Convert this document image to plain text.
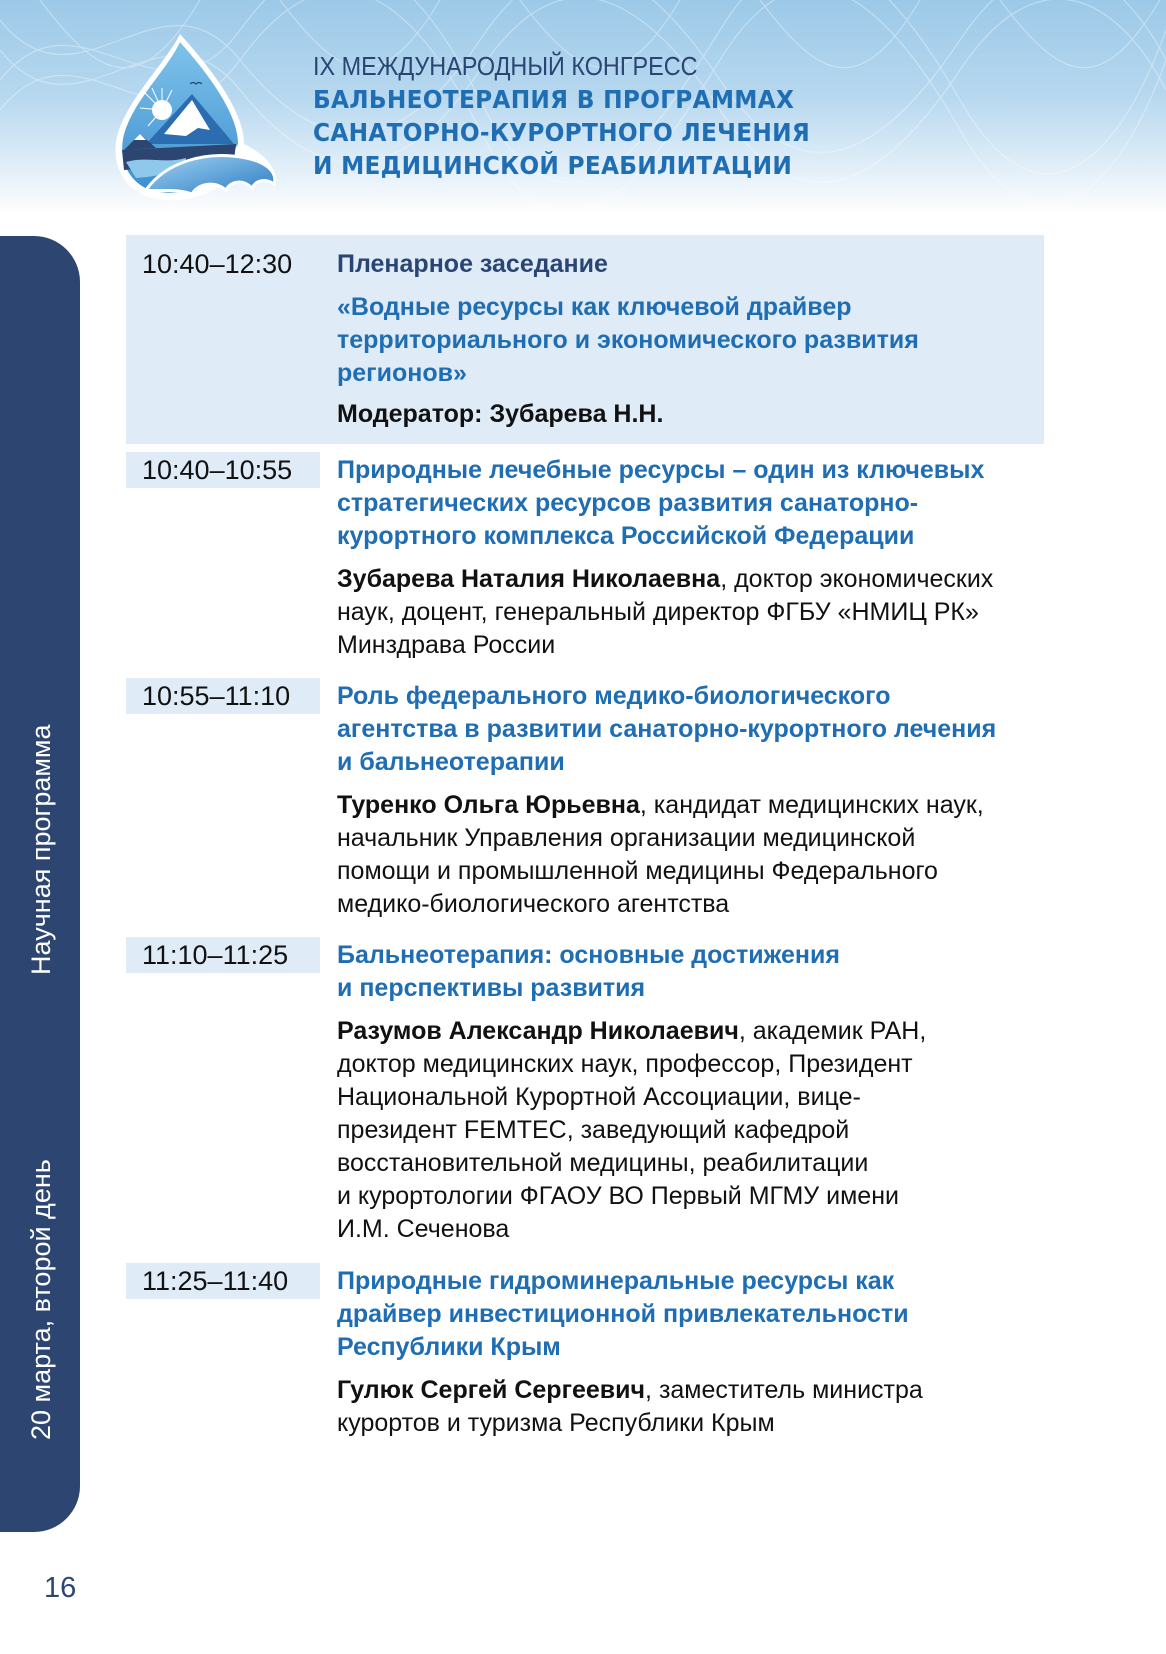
IX МЕЖДУНАРОДНЫЙ КОНГРЕСС
БАЛЬНЕОТЕРАПИЯ В ПРОГРАММАХ
САНАТОРНО-КУРОРТНОГО ЛЕЧЕНИЯ
И МЕДИЦИНСКОЙ РЕАБИЛИТАЦИИ
Научная программа
20 марта, второй день
16
10:40–12:30	Пленарное заседание
«Водные ресурсы как ключевой драйвер
территориального и экономического развития
регионов»
Модератор: Зубарева Н.Н.
10:40–10:55	Природные лечебные ресурсы – один из ключевых
стратегических ресурсов развития санаторно-
курортного комплекса Российской Федерации
Зубарева Наталия Николаевна, доктор экономических
наук, доцент, генеральный директор ФГБУ «НМИЦ РК»
Минздрава России
10:55–11:10	Роль федерального медико-биологического
агентства в развитии санаторно-курортного лечения
и бальнеотерапии
Туренко Ольга Юрьевна, кандидат медицинских наук,
начальник Управления организации медицинской
помощи и промышленной медицины Федерального
медико-биологического агентства
11:10–11:25	Бальнеотерапия: основные достижения
и перспективы развития
Разумов Александр Николаевич, академик РАН,
доктор медицинских наук, профессор, Президент
Национальной Курортной Ассоциации, вице-
президент FEMTEC, заведующий кафедрой
восстановительной медицины, реабилитации
и курортологии ФГАОУ ВО Первый МГМУ имени
И.М. Сеченова
11:25–11:40	Природные гидроминеральные ресурсы как
драйвер инвестиционной привлекательности
Республики Крым
Гулюк Сергей Сергеевич, заместитель министра
курортов и туризма Республики Крым
